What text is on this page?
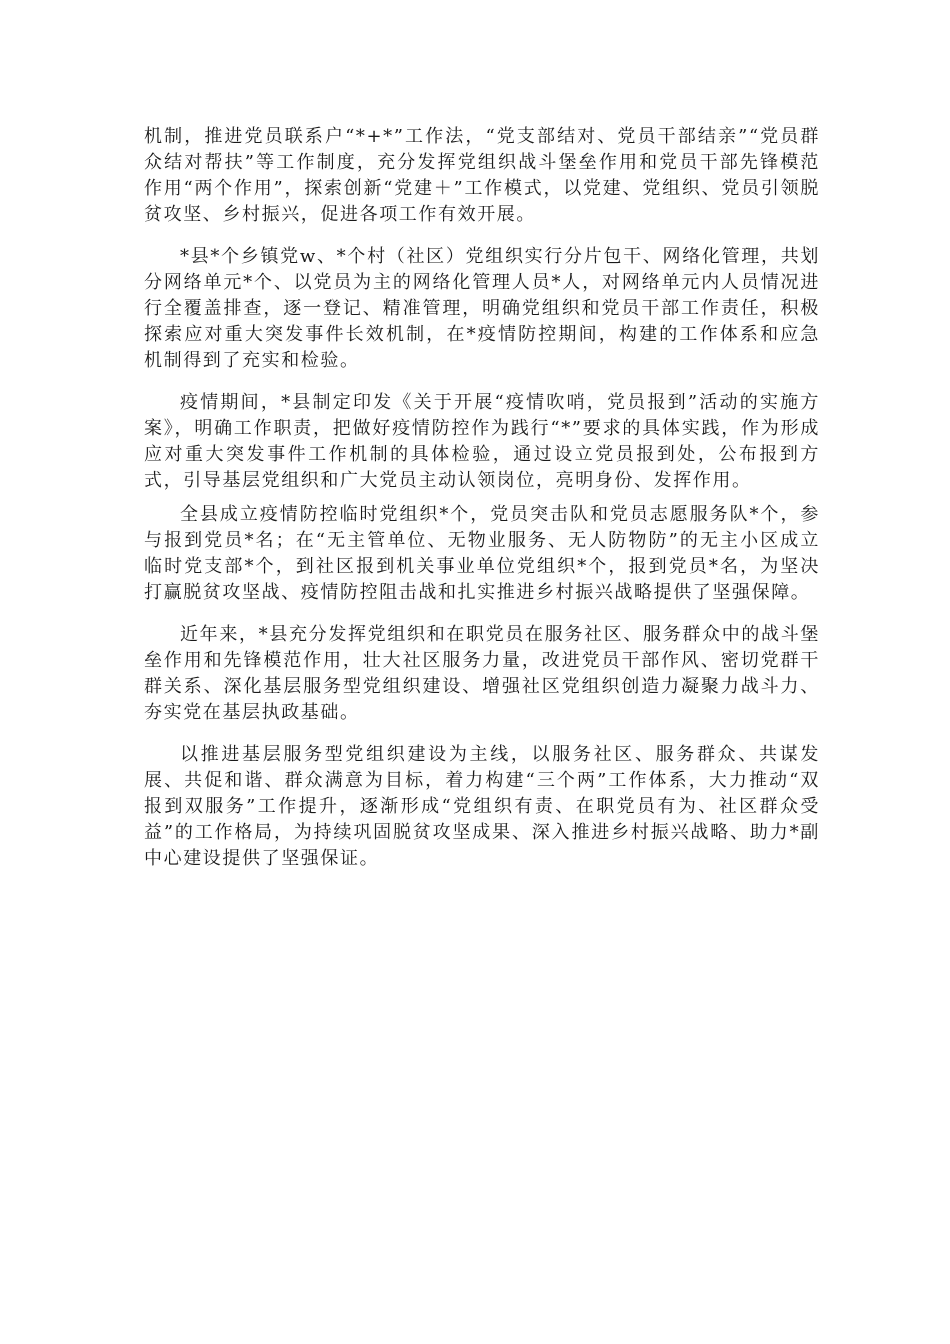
机制，推进党员联系户“*+*”工作法，“党支部结对、党员干部结亲”“党员群众结对帮扶”等工作制度，充分发挥党组织战斗堡垒作用和党员干部先锋模范作用“两个作用”，探索创新“党建＋”工作模式，以党建、党组织、党员引领脱贫攻坚、乡村振兴，促进各项工作有效开展。

*县*个乡镇党w、*个村（社区）党组织实行分片包干、网络化管理，共划分网络单元*个、以党员为主的网络化管理人员*人，对网络单元内人员情况进行全覆盖排查，逐一登记、精准管理，明确党组织和党员干部工作责任，积极探索应对重大突发事件长效机制，在*疫情防控期间，构建的工作体系和应急机制得到了充实和检验。

疫情期间，*县制定印发《关于开展“疫情吹哨，党员报到”活动的实施方案》，明确工作职责，把做好疫情防控作为践行“*”要求的具体实践，作为形成应对重大突发事件工作机制的具体检验，通过设立党员报到处，公布报到方式，引导基层党组织和广大党员主动认领岗位，亮明身份、发挥作用。

全县成立疫情防控临时党组织*个，党员突击队和党员志愿服务队*个，参与报到党员*名；在“无主管单位、无物业服务、无人防物防”的无主小区成立临时党支部*个，到社区报到机关事业单位党组织*个，报到党员*名，为坚决打赢脱贫攻坚战、疫情防控阻击战和扎实推进乡村振兴战略提供了坚强保障。

近年来，*县充分发挥党组织和在职党员在服务社区、服务群众中的战斗堡垒作用和先锋模范作用，壮大社区服务力量，改进党员干部作风、密切党群干群关系、深化基层服务型党组织建设、增强社区党组织创造力凝聚力战斗力、夯实党在基层执政基础。

以推进基层服务型党组织建设为主线，以服务社区、服务群众、共谋发展、共促和谐、群众满意为目标，着力构建“三个两”工作体系，大力推动“双报到双服务”工作提升，逐渐形成“党组织有责、在职党员有为、社区群众受益”的工作格局，为持续巩固脱贫攻坚成果、深入推进乡村振兴战略、助力*副中心建设提供了坚强保证。
